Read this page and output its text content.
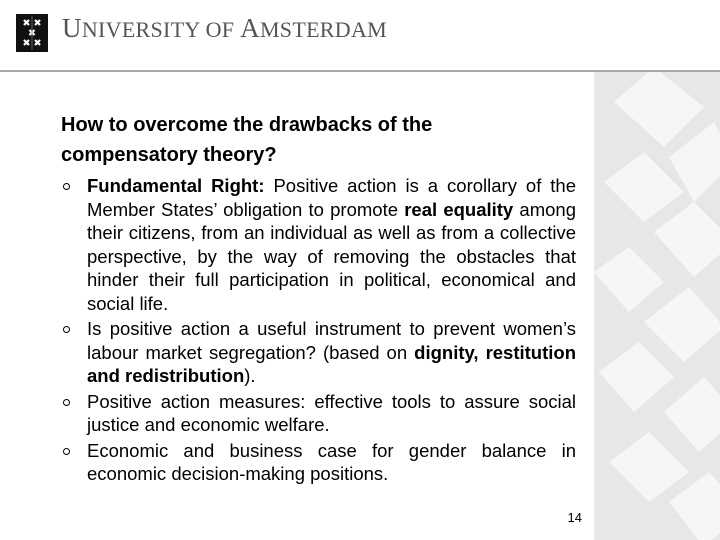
UNIVERSITY OF AMSTERDAM
How to overcome the drawbacks of the
compensatory theory?
Fundamental Right: Positive action is a corollary of the Member States’ obligation to promote real equality among their citizens, from an individual as well as from a collective perspective, by the way of removing the obstacles that hinder their full participation in political, economical and social life.
Is positive action a useful instrument to prevent women’s labour market segregation? (based on dignity, restitution and redistribution).
Positive action measures: effective tools to assure social justice and economic welfare.
Economic and business case for gender balance in economic decision-making positions.
14
